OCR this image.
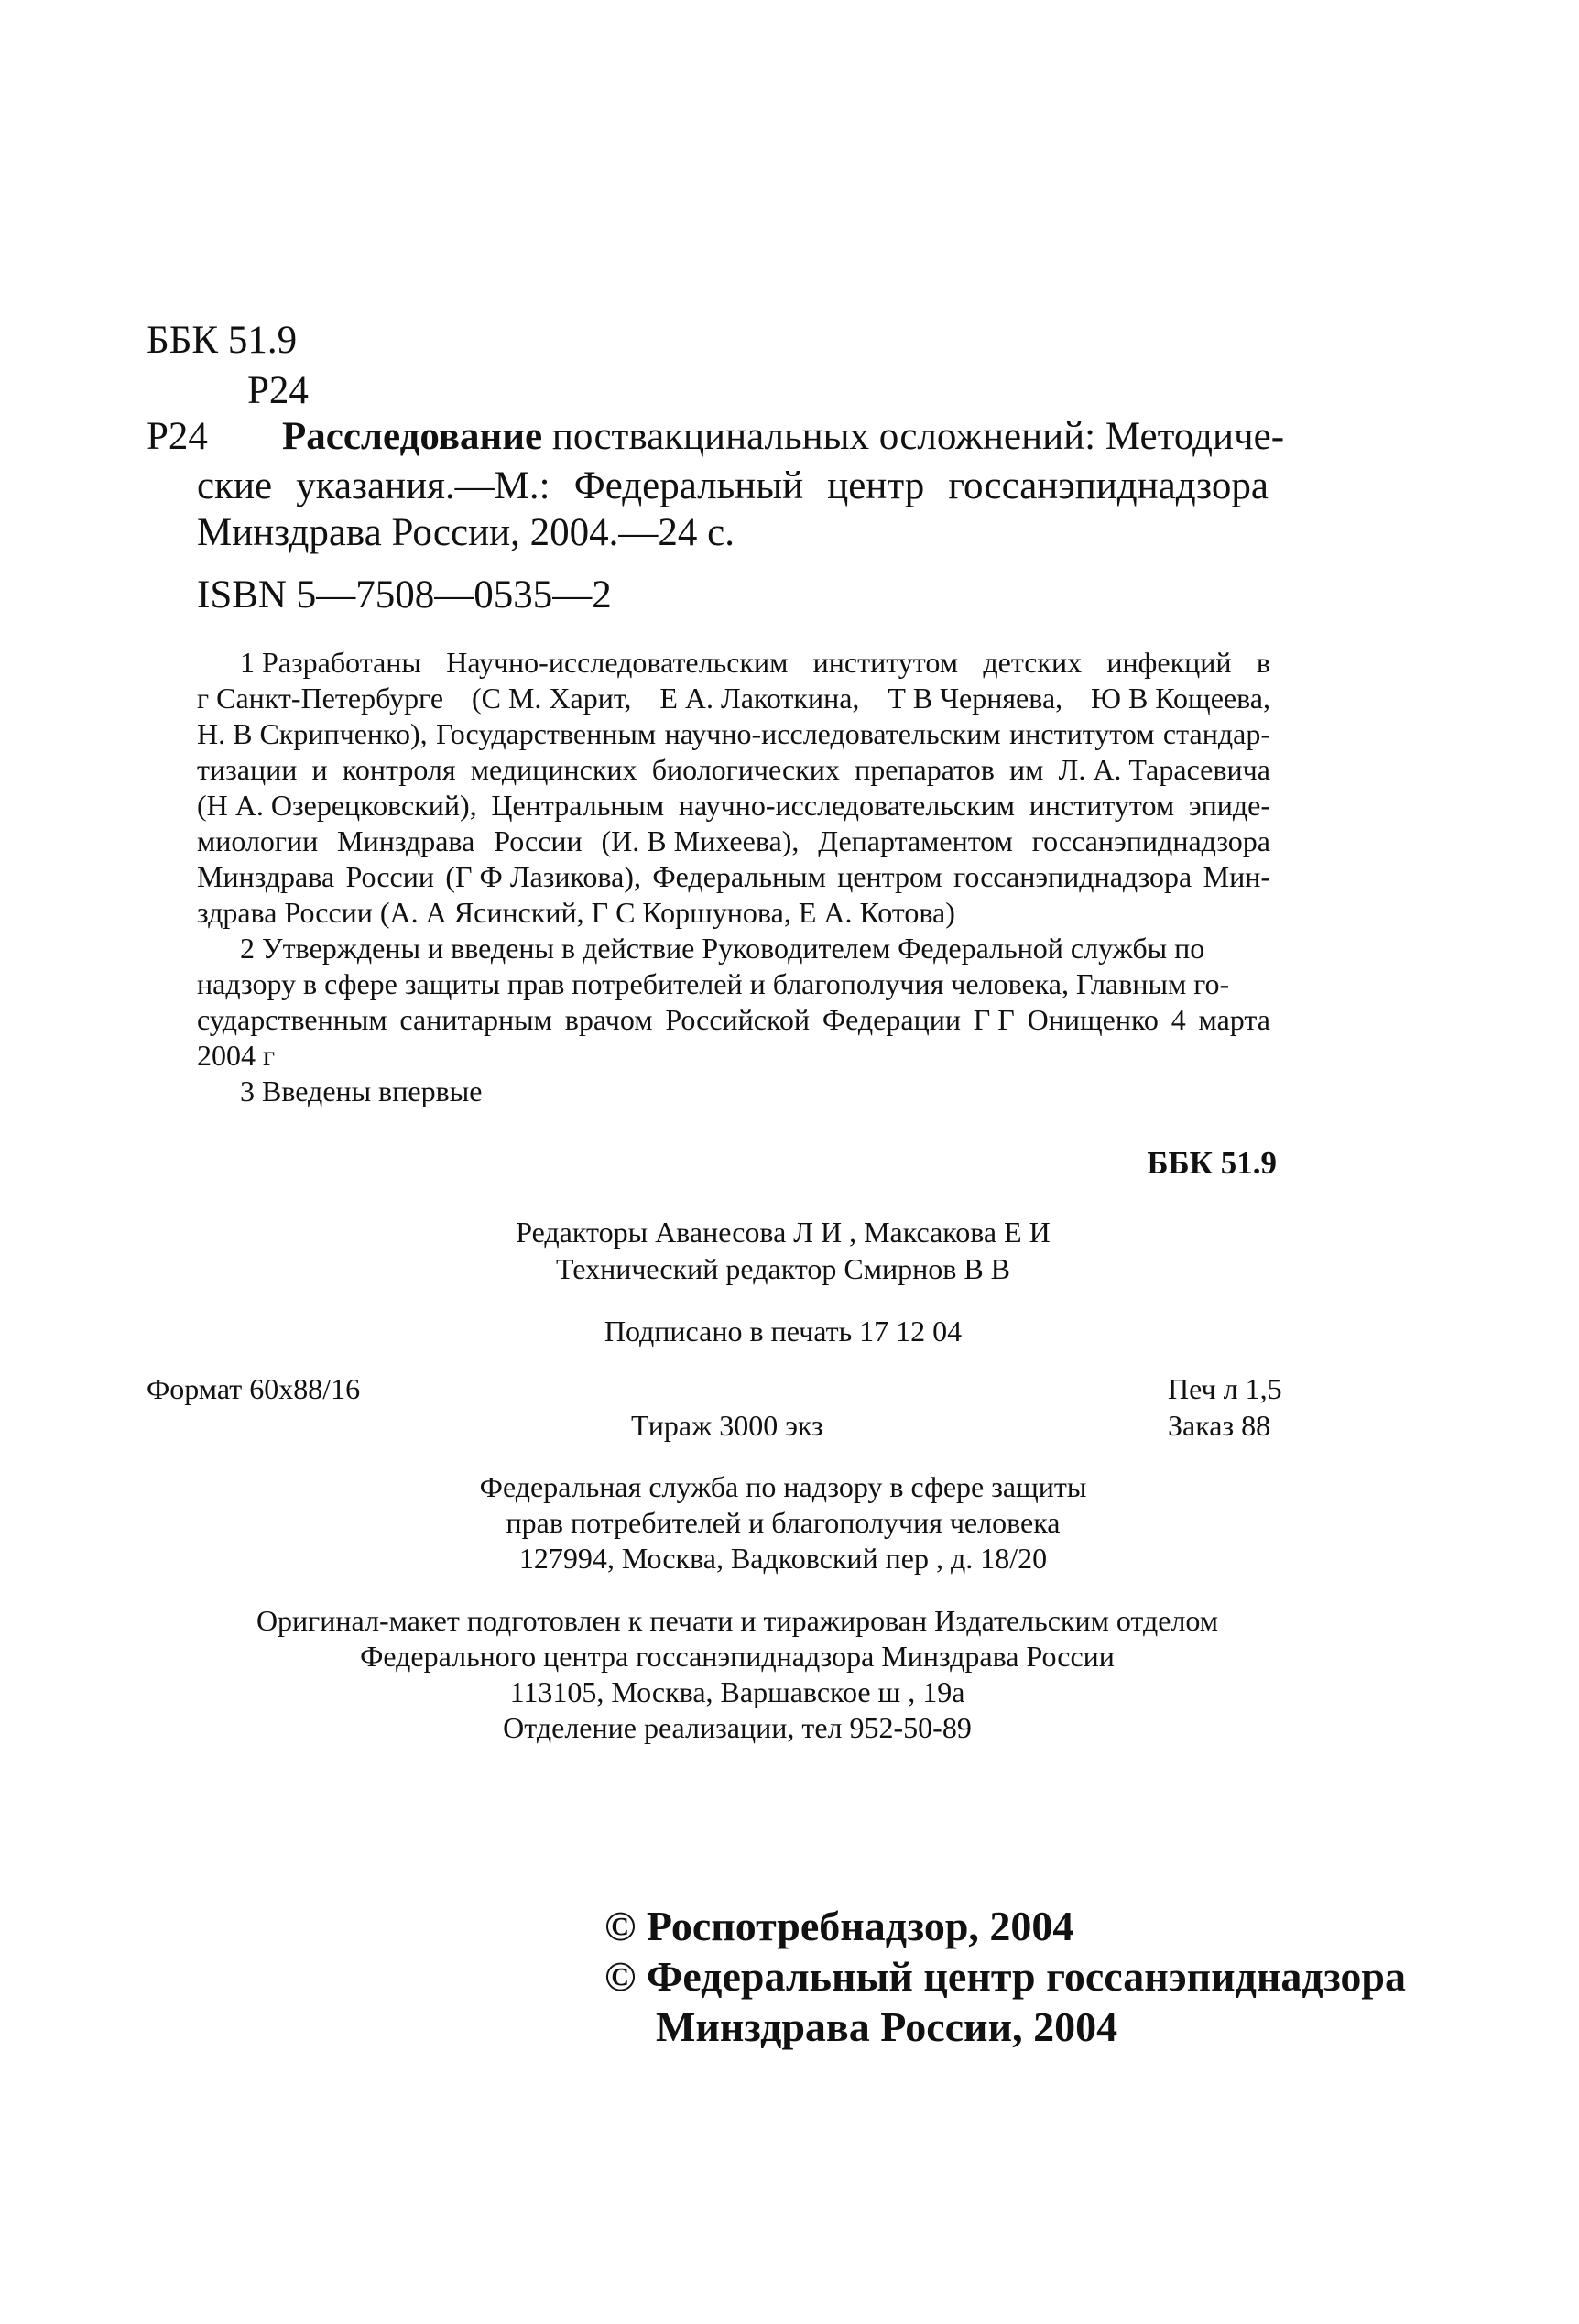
ББК 51.9
Р24
Р24 Расследование поствакцинальных осложнений: Методиче-
ские указания.—М.: Федеральный центр госсанэпиднадзора
Минздрава России, 2004.—24 с.
ISBN 5—7508—0535—2
1 Разработаны Научно-исследовательским институтом детских инфекций в
г Санкт-Петербурге (С М. Харит, Е А. Лакоткина, Т В Черняева, Ю В Кощеева,
Н. В Скрипченко), Государственным научно-исследовательским институтом стандар-
тизации и контроля медицинских биологических препаратов им Л. А. Тарасевича
(Н А. Озерецковский), Центральным научно-исследовательским институтом эпиде-
миологии Минздрава России (И. В Михеева), Департаментом госсанэпиднадзора
Минздрава России (Г Ф Лазикова), Федеральным центром госсанэпиднадзора Мин-
здрава России (А. А Ясинский, Г С Коршунова, Е А. Котова)
2 Утверждены и введены в действие Руководителем Федеральной службы по
надзору в сфере защиты прав потребителей и благополучия человека, Главным го-
сударственным санитарным врачом Российской Федерации Г Г Онищенко 4 марта
2004 г
3 Введены впервые
ББК 51.9
Редакторы Аванесова Л И , Максакова Е И
Технический редактор Смирнов В В
Подписано в печать 17 12 04
Формат 60х88/16	Печ л 1,5
Тираж 3000 экз	Заказ 88
Федеральная служба по надзору в сфере защиты
прав потребителей и благополучия человека
127994, Москва, Вадковский пер , д. 18/20
Оригинал-макет подготовлен к печати и тиражирован Издательским отделом
Федерального центра госсанэпиднадзора Минздрава России
113105, Москва, Варшавское ш , 19а
Отделение реализации, тел 952-50-89
© Роспотребнадзор, 2004
© Федеральный центр госсанэпиднадзора
Минздрава России, 2004
